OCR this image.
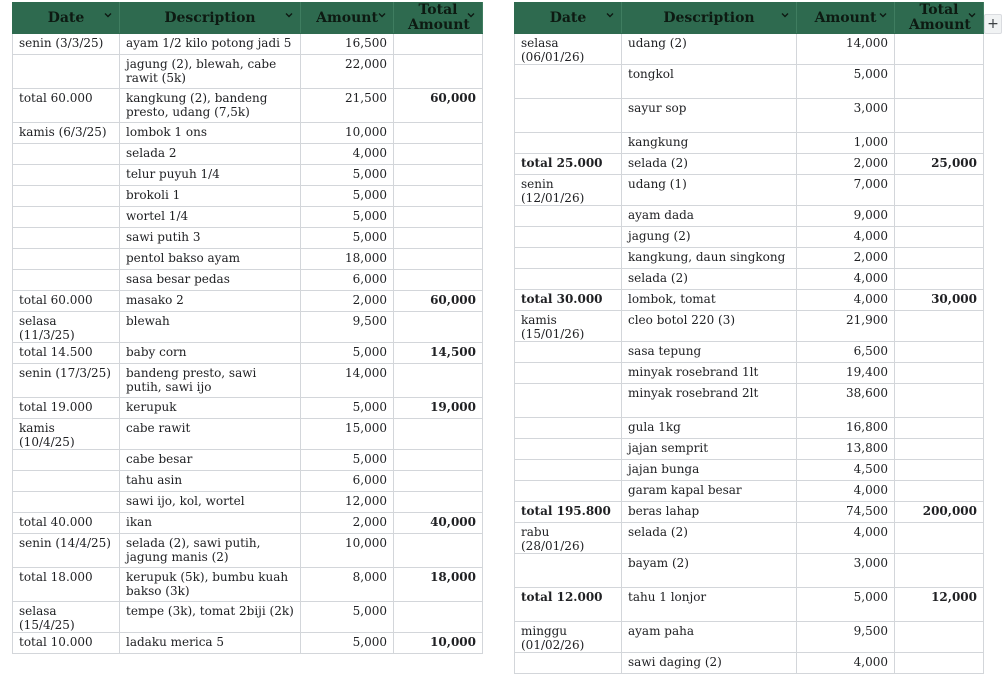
Date	Description	Amount	Total Amount

senin (3/3/25)	ayam 1/2 kilo potong jadi 5	16,500	
	jagung (2), blewah, cabe rawit (5k)	22,000	
total 60.000	kangkung (2), bandeng presto, udang (7,5k)	21,500	60,000
kamis (6/3/25)	lombok 1 ons	10,000	
	selada 2	4,000	
	telur puyuh 1/4	5,000	
	brokoli 1	5,000	
	wortel 1/4	5,000	
	sawi putih 3	5,000	
	pentol bakso ayam	18,000	
	sasa besar pedas	6,000	
total 60.000	masako 2	2,000	60,000
selasa (11/3/25)	blewah	9,500	
total 14.500	baby corn	5,000	14,500
senin (17/3/25)	bandeng presto, sawi putih, sawi ijo	14,000	
total 19.000	kerupuk	5,000	19,000
kamis (10/4/25)	cabe rawit	15,000	
	cabe besar	5,000	
	tahu asin	6,000	
	sawi ijo, kol, wortel	12,000	
total 40.000	ikan	2,000	40,000
senin (14/4/25)	selada (2), sawi putih, jagung manis (2)	10,000	
total 18.000	kerupuk (5k), bumbu kuah bakso (3k)	8,000	18,000
selasa (15/4/25)	tempe (3k), tomat 2biji (2k)	5,000	
total 10.000	ladaku merica 5	5,000	10,000
Date	Description	Amount	Total Amount

selasa (06/01/26)	udang (2)	14,000	
	tongkol	5,000	
	sayur sop	3,000	
	kangkung	1,000	
total 25.000	selada (2)	2,000	25,000
senin (12/01/26)	udang (1)	7,000	
	ayam dada	9,000	
	jagung (2)	4,000	
	kangkung, daun singkong	2,000	
	selada (2)	4,000	
total 30.000	lombok, tomat	4,000	30,000
kamis (15/01/26)	cleo botol 220 (3)	21,900	
	sasa tepung	6,500	
	minyak rosebrand 1lt	19,400	
	minyak rosebrand 2lt	38,600	
	gula 1kg	16,800	
	jajan semprit	13,800	
	jajan bunga	4,500	
	garam kapal besar	4,000	
total 195.800	beras lahap	74,500	200,000
rabu (28/01/26)	selada (2)	4,000	
	bayam (2)	3,000	
total 12.000	tahu 1 lonjor	5,000	12,000
minggu (01/02/26)	ayam paha	9,500	
	sawi daging (2)	4,000	
+
